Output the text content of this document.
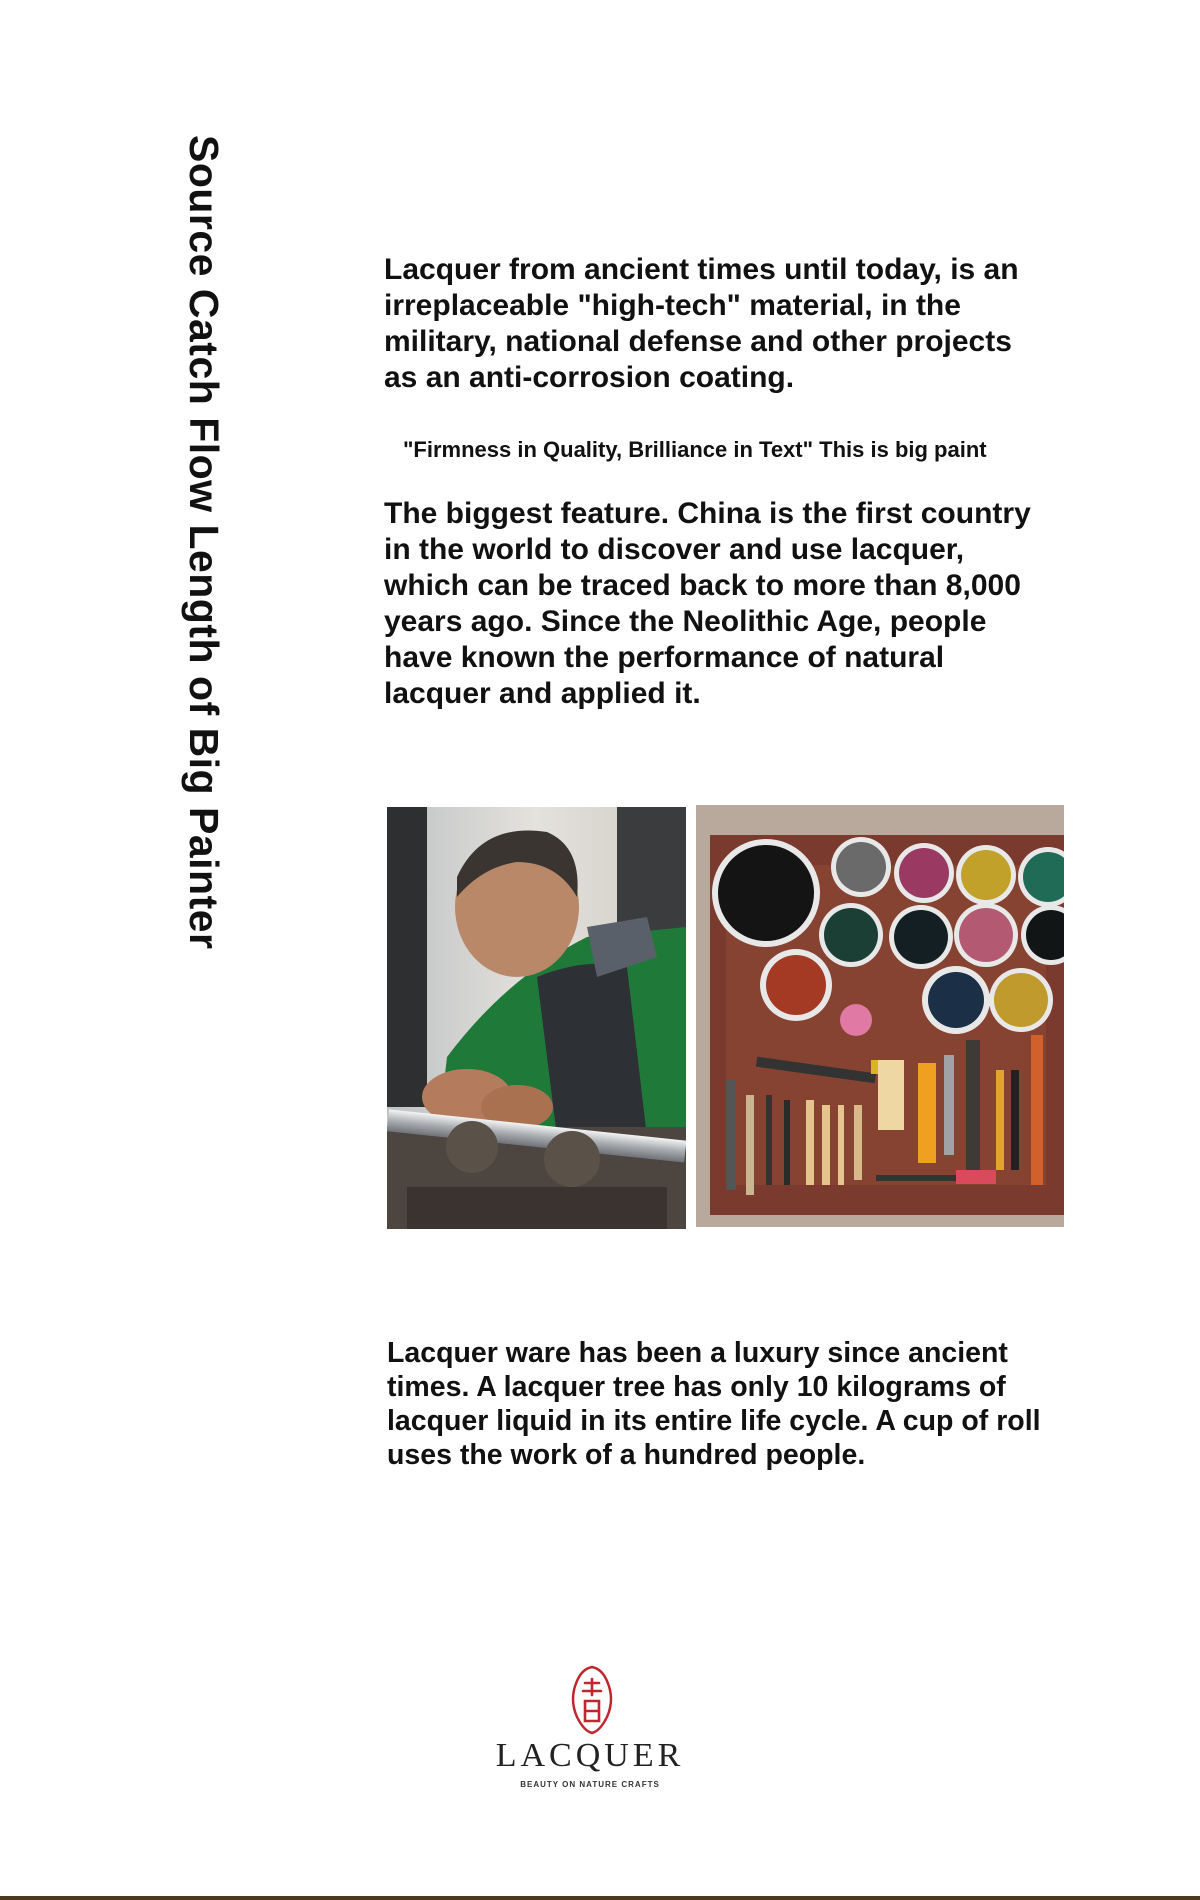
Source Catch Flow Length of Big Painter	Lacquer from ancient times until today, is an irreplaceable "high-tech" material, in the military, national defense and other projects as an anti-corrosion coating.
"Firmness in Quality, Brilliance in Text" This is big paint
The biggest feature. China is the first country in the world to discover and use lacquer, which can be traced back to more than 8,000 years ago. Since the Neolithic Age, people have known the performance of natural lacquer and applied it.
Lacquer ware has been a luxury since ancient times. A lacquer tree has only 10 kilograms of lacquer liquid in its entire life cycle. A cup of roll uses the work of a hundred people.
LACQUER
BEAUTY ON NATURE CRAFTS
